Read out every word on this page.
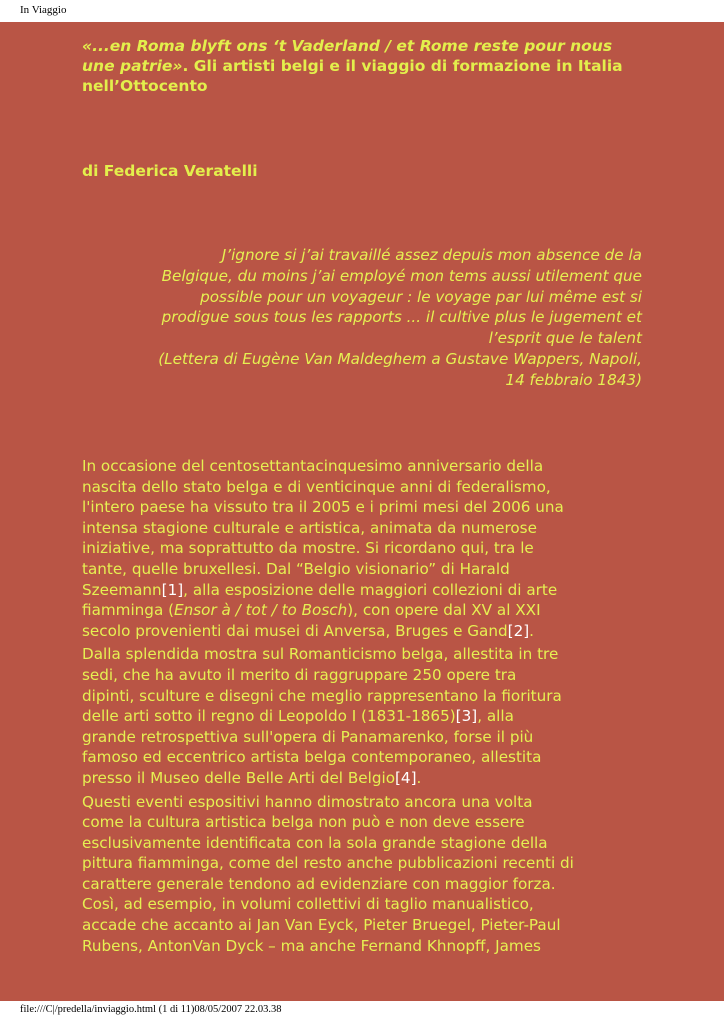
In Viaggio
«...en Roma blyft ons ‘t Vaderland / et Rome reste pour nous une patrie». Gli artisti belgi e il viaggio di formazione in Italia nell’Ottocento

di Federica Veratelli

J’ignore si j’ai travaillé assez depuis mon absence de la
Belgique, du moins j’ai employé mon tems aussi utilement que
possible pour un voyageur : le voyage par lui même est si
prodigue sous tous les rapports ... il cultive plus le jugement et
l’esprit que le talent
(Lettera di Eugène Van Maldeghem a Gustave Wappers, Napoli,
14 febbraio 1843)

In occasione del centosettantacinquesimo anniversario della
nascita dello stato belga e di venticinque anni di federalismo,
l'intero paese ha vissuto tra il 2005 e i primi mesi del 2006 una
intensa stagione culturale e artistica, animata da numerose
iniziative, ma soprattutto da mostre. Si ricordano qui, tra le
tante, quelle bruxellesi. Dal “Belgio visionario” di Harald
Szeemann[1], alla esposizione delle maggiori collezioni di arte
fiamminga (Ensor à / tot / to Bosch), con opere dal XV al XXI
secolo provenienti dai musei di Anversa, Bruges e Gand[2].

Dalla splendida mostra sul Romanticismo belga, allestita in tre
sedi, che ha avuto il merito di raggruppare 250 opere tra
dipinti, sculture e disegni che meglio rappresentano la fioritura
delle arti sotto il regno di Leopoldo I (1831-1865)[3], alla
grande retrospettiva sull'opera di Panamarenko, forse il più
famoso ed eccentrico artista belga contemporaneo, allestita
presso il Museo delle Belle Arti del Belgio[4].

Questi eventi espositivi hanno dimostrato ancora una volta
come la cultura artistica belga non può e non deve essere
esclusivamente identificata con la sola grande stagione della
pittura fiamminga, come del resto anche pubblicazioni recenti di
carattere generale tendono ad evidenziare con maggior forza.
Così, ad esempio, in volumi collettivi di taglio manualistico,
accade che accanto ai Jan Van Eyck, Pieter Bruegel, Pieter-Paul
Rubens, AntonVan Dyck – ma anche Fernand Khnopff, James

file:///C|/predella/inviaggio.html (1 di 11)08/05/2007 22.03.38
